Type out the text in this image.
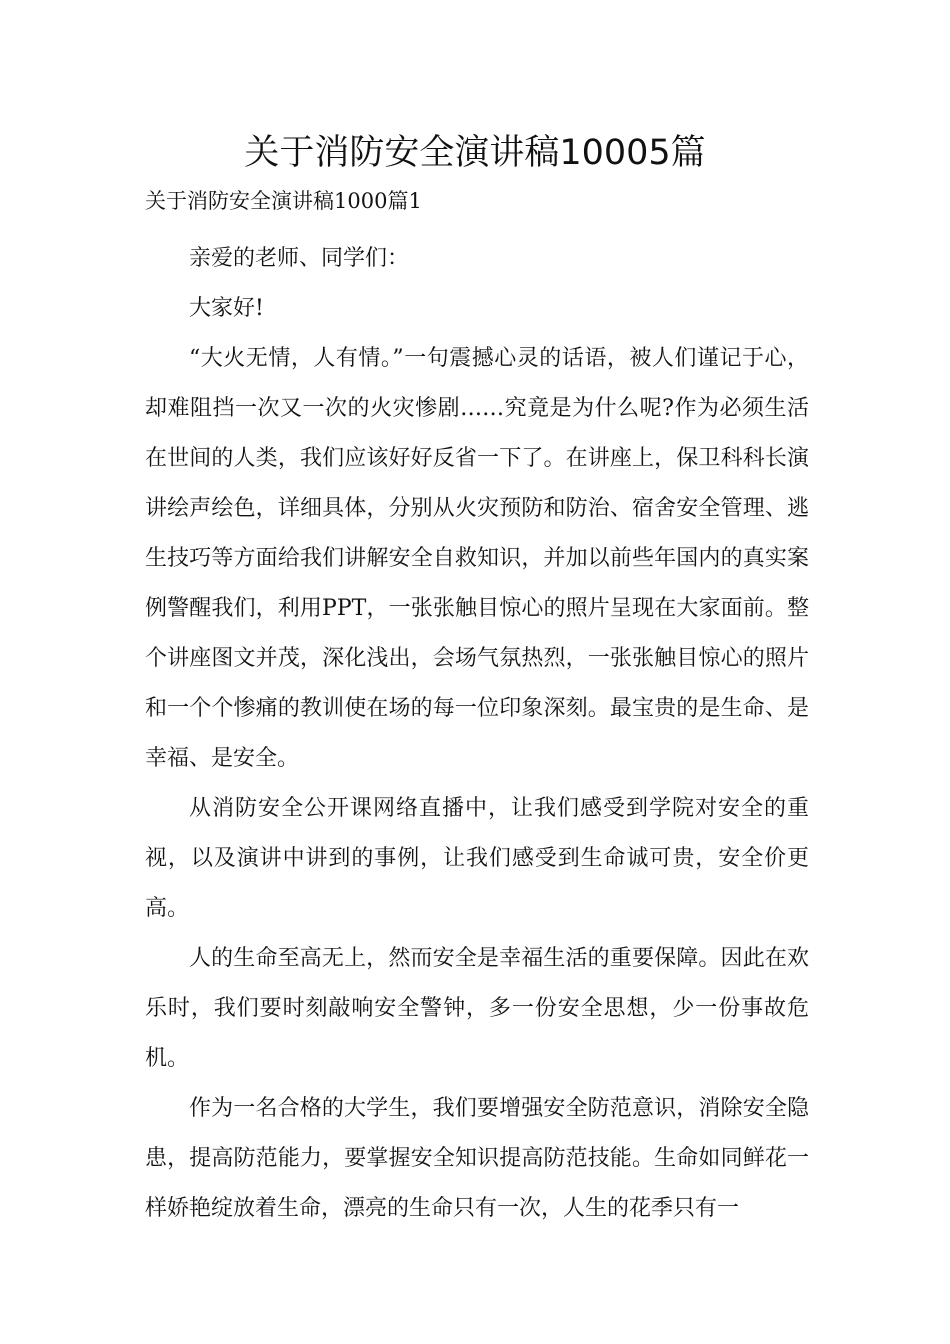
关于消防安全演讲稿10005篇

关于消防安全演讲稿1000篇1

亲爱的老师、同学们：

大家好!

“大火无情，人有情。”一句震撼心灵的话语，被人们谨记于心，却难阻挡一次又一次的火灾惨剧……究竟是为什么呢?作为必须生活在世间的人类，我们应该好好反省一下了。在讲座上，保卫科科长演讲绘声绘色，详细具体，分别从火灾预防和防治、宿舍安全管理、逃生技巧等方面给我们讲解安全自救知识，并加以前些年国内的真实案例警醒我们，利用PPT，一张张触目惊心的照片呈现在大家面前。整个讲座图文并茂，深化浅出，会场气氛热烈，一张张触目惊心的照片和一个个惨痛的教训使在场的每一位印象深刻。最宝贵的是生命、是幸福、是安全。

从消防安全公开课网络直播中，让我们感受到学院对安全的重视，以及演讲中讲到的事例，让我们感受到生命诚可贵，安全价更高。

人的生命至高无上，然而安全是幸福生活的重要保障。因此在欢乐时，我们要时刻敲响安全警钟，多一份安全思想，少一份事故危机。

作为一名合格的大学生，我们要增强安全防范意识，消除安全隐患，提高防范能力，要掌握安全知识提高防范技能。生命如同鲜花一样娇艳绽放着生命，漂亮的生命只有一次，人生的花季只有一
